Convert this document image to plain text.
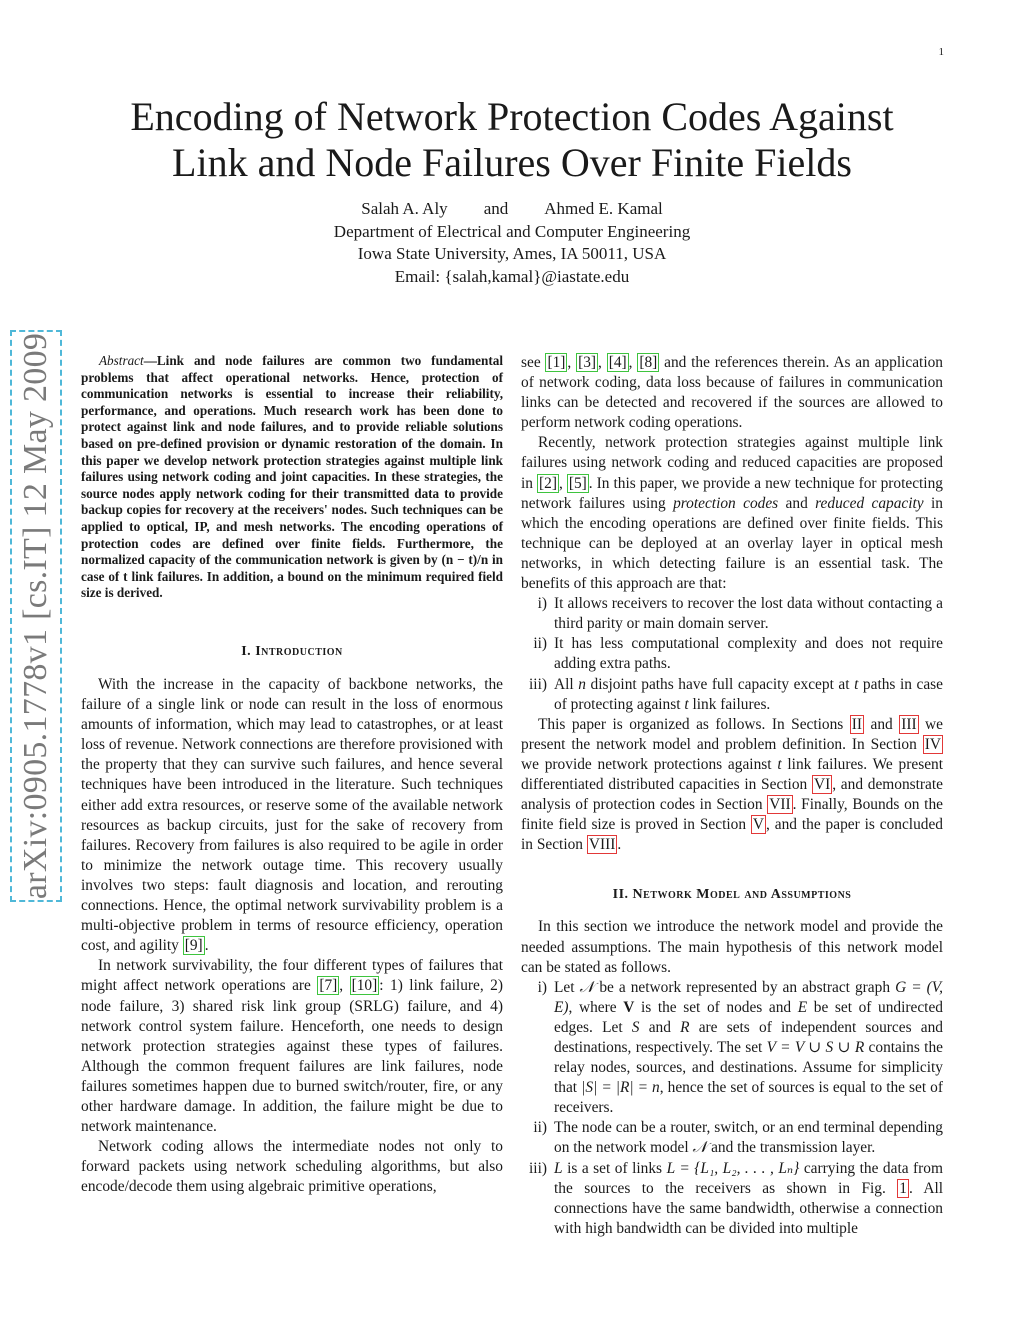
1
arXiv:0905.1778v1 [cs.IT] 12 May 2009
Encoding of Network Protection Codes Against
Link and Node Failures Over Finite Fields
Salah A. Aly and Ahmed E. Kamal
Department of Electrical and Computer Engineering
Iowa State University, Ames, IA 50011, USA
Email: {salah,kamal}@iastate.edu

Abstract—Link and node failures are common two fundamental problems that affect operational networks. Hence, protection of communication networks is essential to increase their reliability, performance, and operations. Much research work has been done to protect against link and node failures, and to provide reliable solutions based on pre-defined provision or dynamic restoration of the domain. In this paper we develop network protection strategies against multiple link failures using network coding and joint capacities. In these strategies, the source nodes apply network coding for their transmitted data to provide backup copies for recovery at the receivers' nodes. Such techniques can be applied to optical, IP, and mesh networks. The encoding operations of protection codes are defined over finite fields. Furthermore, the normalized capacity of the communication network is given by (n − t)/n in case of t link failures. In addition, a bound on the minimum required field size is derived.

I. Introduction

With the increase in the capacity of backbone networks, the failure of a single link or node can result in the loss of enormous amounts of information, which may lead to catastrophes, or at least loss of revenue. Network connections are therefore provisioned with the property that they can survive such failures, and hence several techniques have been introduced in the literature. Such techniques either add extra resources, or reserve some of the available network resources as backup circuits, just for the sake of recovery from failures. Recovery from failures is also required to be agile in order to minimize the network outage time. This recovery usually involves two steps: fault diagnosis and location, and rerouting connections. Hence, the optimal network survivability problem is a multi-objective problem in terms of resource efficiency, operation cost, and agility [9] .

In network survivability, the four different types of failures that might affect network operations are [7] , [10] : 1) link failure, 2) node failure, 3) shared risk link group (SRLG) failure, and 4) network control system failure. Henceforth, one needs to design network protection strategies against these types of failures. Although the common frequent failures are link failures, node failures sometimes happen due to burned switch/router, fire, or any other hardware damage. In addition, the failure might be due to network maintenance.

Network coding allows the intermediate nodes not only to forward packets using network scheduling algorithms, but also encode/decode them using algebraic primitive operations,

see [1] , [3] , [4] , [8] and the references therein. As an application of network coding, data loss because of failures in communication links can be detected and recovered if the sources are allowed to perform network coding operations.

Recently, network protection strategies against multiple link failures using network coding and reduced capacities are proposed in [2] , [5] . In this paper, we provide a new technique for protecting network failures using protection codes and reduced capacity in which the encoding operations are defined over finite fields. This technique can be deployed at an overlay layer in optical mesh networks, in which detecting failure is an essential task. The benefits of this approach are that:

i) It allows receivers to recover the lost data without contacting a third parity or main domain server.
ii) It has less computational complexity and does not require adding extra paths.
iii) All n disjoint paths have full capacity except at t paths in case of protecting against t link failures.

This paper is organized as follows. In Sections II and III we present the network model and problem definition. In Section IV we provide network protections against t link failures. We present differentiated distributed capacities in Section VI , and demonstrate analysis of protection codes in Section VII . Finally, Bounds on the finite field size is proved in Section V , and the paper is concluded in Section VIII .

II. Network Model and Assumptions

In this section we introduce the network model and provide the needed assumptions. The main hypothesis of this network model can be stated as follows.

i) Let 𝒩 be a network represented by an abstract graph G = (V, E), where V is the set of nodes and E be set of undirected edges. Let S and R are sets of independent sources and destinations, respectively. The set V = V ∪ S ∪ R contains the relay nodes, sources, and destinations. Assume for simplicity that |S| = |R| = n, hence the set of sources is equal to the set of receivers.
ii) The node can be a router, switch, or an end terminal depending on the network model 𝒩 and the transmission layer.
iii) L is a set of links L = {L₁, L₂, . . . , Lₙ} carrying the data from the sources to the receivers as shown in Fig. 1 . All connections have the same bandwidth, otherwise a connection with high bandwidth can be divided into multiple
